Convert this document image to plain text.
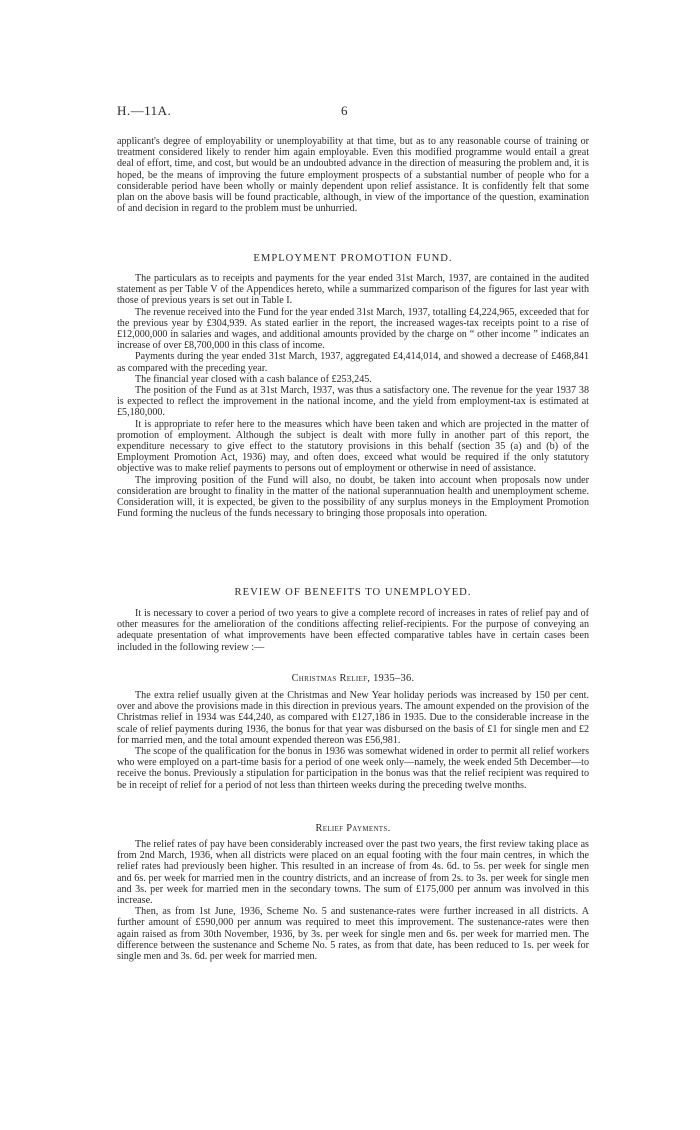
H.—11A.	6

applicant's degree of employability or unemployability at that time, but as to any reasonable course of training or treatment considered likely to render him again employable. Even this modified programme would entail a great deal of effort, time, and cost, but would be an undoubted advance in the direction of measuring the problem and, it is hoped, be the means of improving the future employment prospects of a substantial number of people who for a considerable period have been wholly or mainly dependent upon relief assistance. It is confidently felt that some plan on the above basis will be found practicable, although, in view of the importance of the question, examination of and decision in regard to the problem must be unhurried.

EMPLOYMENT PROMOTION FUND.

The particulars as to receipts and payments for the year ended 31st March, 1937, are contained in the audited statement as per Table V of the Appendices hereto, while a summarized comparison of the figures for last year with those of previous years is set out in Table I.

The revenue received into the Fund for the year ended 31st March, 1937, totalling £4,224,965, exceeded that for the previous year by £304,939. As stated earlier in the report, the increased wages-tax receipts point to a rise of £12,000,000 in salaries and wages, and additional amounts provided by the charge on “ other income ” indicates an increase of over £8,700,000 in this class of income.

Payments during the year ended 31st March, 1937, aggregated £4,414,014, and showed a decrease of £468,841 as compared with the preceding year.

The financial year closed with a cash balance of £253,245.

The position of the Fund as at 31st March, 1937, was thus a satisfactory one. The revenue for the year 1937 38 is expected to reflect the improvement in the national income, and the yield from employment-tax is estimated at £5,180,000.

It is appropriate to refer here to the measures which have been taken and which are projected in the matter of promotion of employment. Although the subject is dealt with more fully in another part of this report, the expenditure necessary to give effect to the statutory provisions in this behalf (section 35 (a) and (b) of the Employment Promotion Act, 1936) may, and often does, exceed what would be required if the only statutory objective was to make relief payments to persons out of employment or otherwise in need of assistance.

The improving position of the Fund will also, no doubt, be taken into account when proposals now under consideration are brought to finality in the matter of the national superannuation health and unemployment scheme. Consideration will, it is expected, be given to the possibility of any surplus moneys in the Employment Promotion Fund forming the nucleus of the funds necessary to bringing those proposals into operation.

REVIEW OF BENEFITS TO UNEMPLOYED.

It is necessary to cover a period of two years to give a complete record of increases in rates of relief pay and of other measures for the amelioration of the conditions affecting relief-recipients. For the purpose of conveying an adequate presentation of what improvements have been effected comparative tables have in certain cases been included in the following review :—

Christmas Relief, 1935–36.

The extra relief usually given at the Christmas and New Year holiday periods was increased by 150 per cent. over and above the provisions made in this direction in previous years. The amount expended on the provision of the Christmas relief in 1934 was £44,240, as compared with £127,186 in 1935. Due to the considerable increase in the scale of relief payments during 1936, the bonus for that year was disbursed on the basis of £1 for single men and £2 for married men, and the total amount expended thereon was £56,981.

The scope of the qualification for the bonus in 1936 was somewhat widened in order to permit all relief workers who were employed on a part-time basis for a period of one week only—namely, the week ended 5th December—to receive the bonus. Previously a stipulation for participation in the bonus was that the relief recipient was required to be in receipt of relief for a period of not less than thirteen weeks during the preceding twelve months.

Relief Payments.

The relief rates of pay have been considerably increased over the past two years, the first review taking place as from 2nd March, 1936, when all districts were placed on an equal footing with the four main centres, in which the relief rates had previously been higher. This resulted in an increase of from 4s. 6d. to 5s. per week for single men and 6s. per week for married men in the country districts, and an increase of from 2s. to 3s. per week for single men and 3s. per week for married men in the secondary towns. The sum of £175,000 per annum was involved in this increase.

Then, as from 1st June, 1936, Scheme No. 5 and sustenance-rates were further increased in all districts. A further amount of £590,000 per annum was required to meet this improvement. The sustenance-rates were then again raised as from 30th November, 1936, by 3s. per week for single men and 6s. per week for married men. The difference between the sustenance and Scheme No. 5 rates, as from that date, has been reduced to 1s. per week for single men and 3s. 6d. per week for married men.
